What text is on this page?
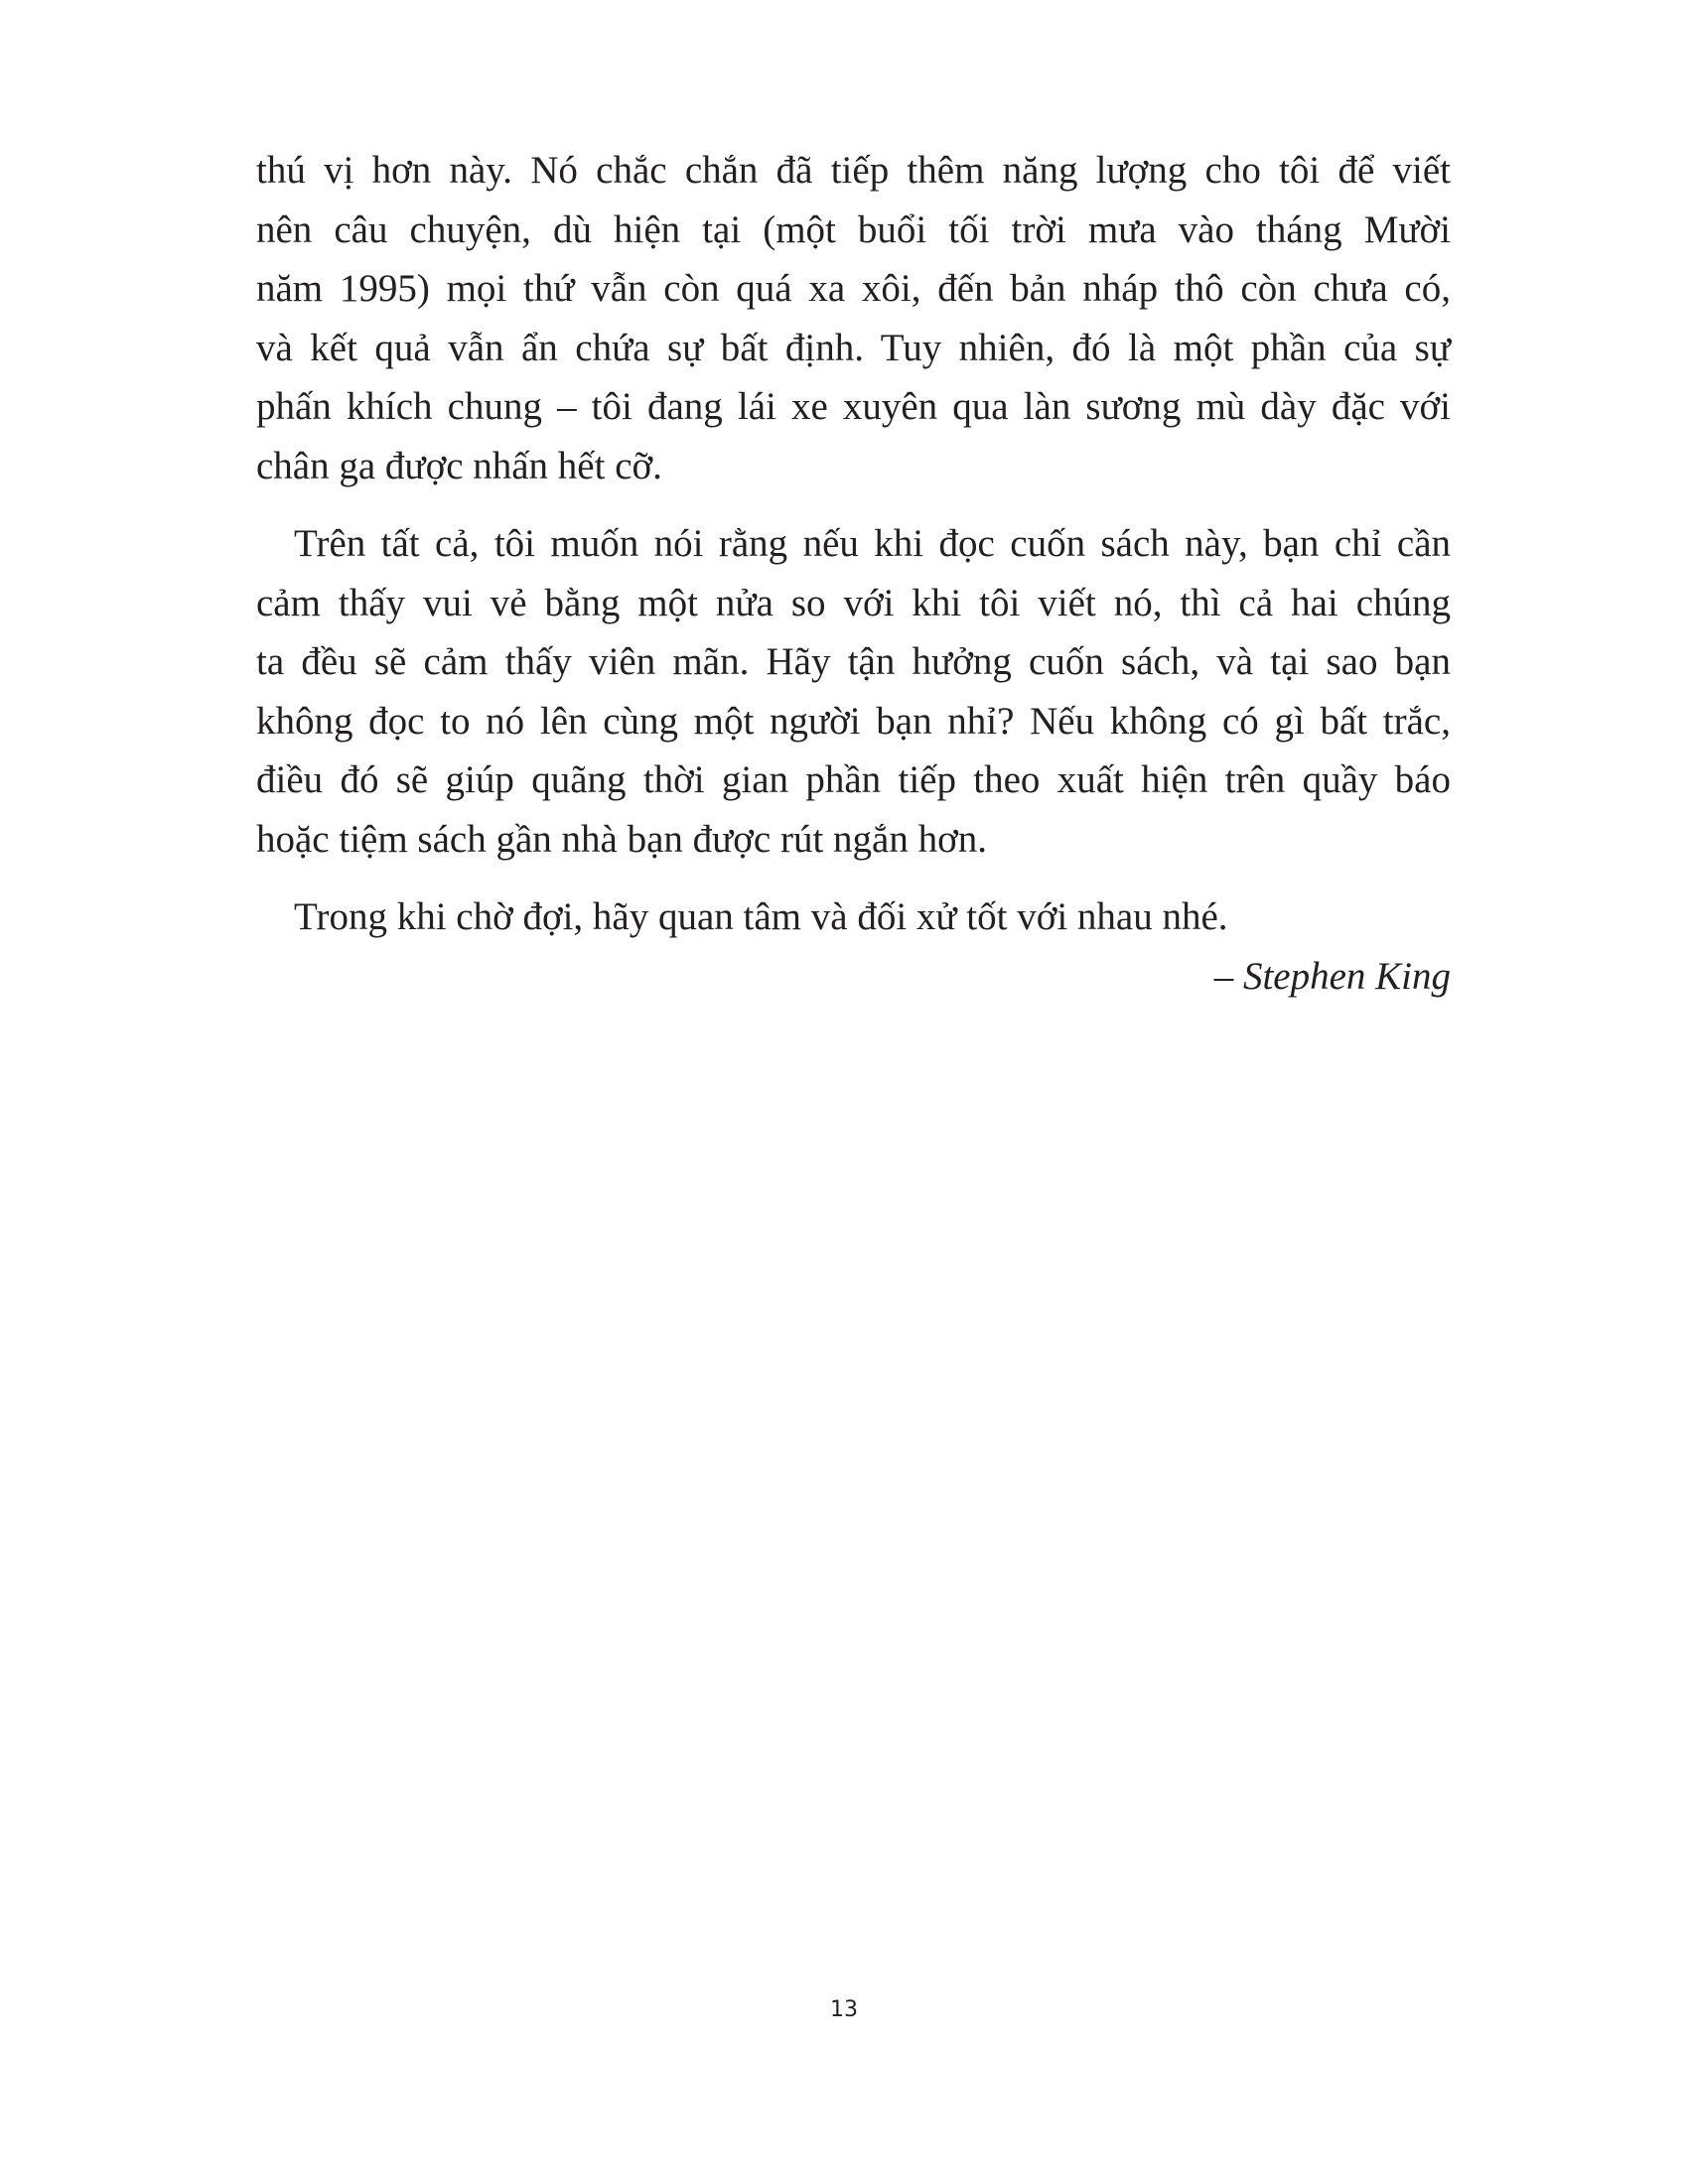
thú vị hơn này. Nó chắc chắn đã tiếp thêm năng lượng cho tôi để viết
nên câu chuyện, dù hiện tại (một buổi tối trời mưa vào tháng Mười
năm 1995) mọi thứ vẫn còn quá xa xôi, đến bản nháp thô còn chưa có,
và kết quả vẫn ẩn chứa sự bất định. Tuy nhiên, đó là một phần của sự
phấn khích chung – tôi đang lái xe xuyên qua làn sương mù dày đặc với
chân ga được nhấn hết cỡ.

Trên tất cả, tôi muốn nói rằng nếu khi đọc cuốn sách này, bạn chỉ cần
cảm thấy vui vẻ bằng một nửa so với khi tôi viết nó, thì cả hai chúng
ta đều sẽ cảm thấy viên mãn. Hãy tận hưởng cuốn sách, và tại sao bạn
không đọc to nó lên cùng một người bạn nhỉ? Nếu không có gì bất trắc,
điều đó sẽ giúp quãng thời gian phần tiếp theo xuất hiện trên quầy báo
hoặc tiệm sách gần nhà bạn được rút ngắn hơn.

Trong khi chờ đợi, hãy quan tâm và đối xử tốt với nhau nhé.

– Stephen King

13
